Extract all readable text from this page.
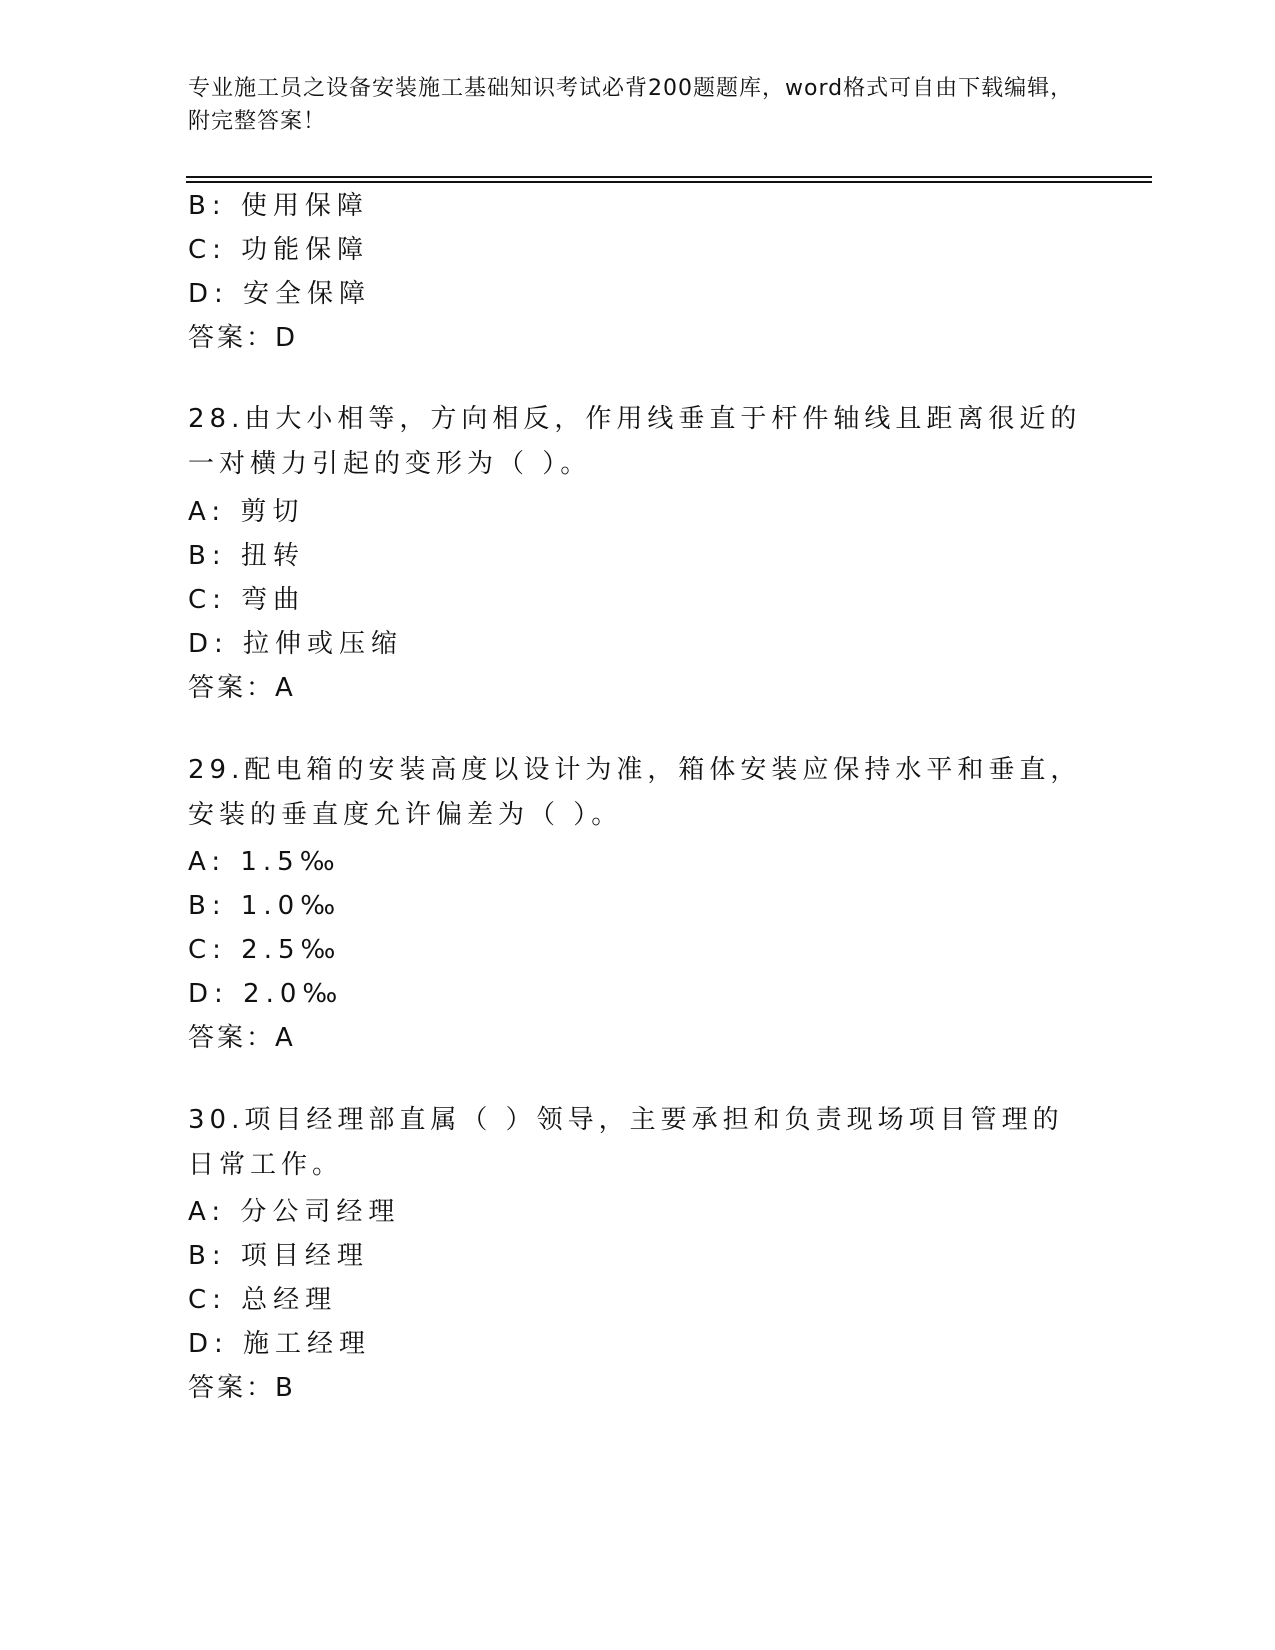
专业施工员之设备安装施工基础知识考试必背200题题库，word格式可自由下载编辑，附完整答案！
B: 使用保障
C: 功能保障
D: 安全保障
答案：D
28.由大小相等，方向相反，作用线垂直于杆件轴线且距离很近的一对横力引起的变形为（ ）。
A: 剪切
B: 扭转
C: 弯曲
D: 拉伸或压缩
答案：A
29.配电箱的安装高度以设计为准，箱体安装应保持水平和垂直，安装的垂直度允许偏差为（ ）。
A: 1.5‰
B: 1.0‰
C: 2.5‰
D: 2.0‰
答案：A
30.项目经理部直属（ ）领导，主要承担和负责现场项目管理的日常工作。
A: 分公司经理
B: 项目经理
C: 总经理
D: 施工经理
答案：B
